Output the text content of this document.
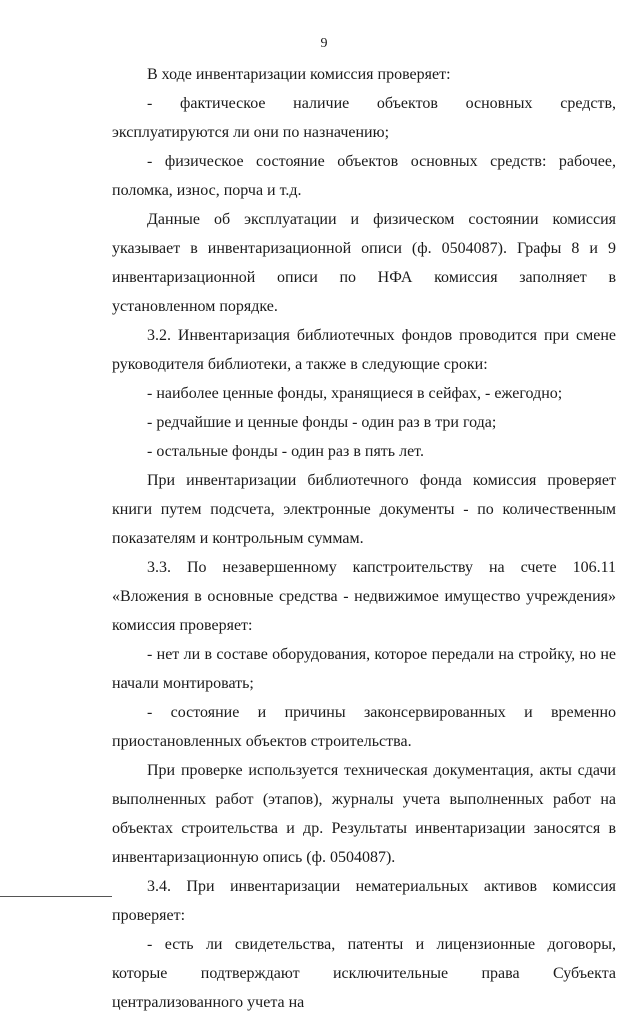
9

В ходе инвентаризации комиссия проверяет:

- фактическое наличие объектов основных средств, эксплуатируются ли они по назначению;

- физическое состояние объектов основных средств: рабочее, поломка, износ, порча и т.д.

Данные об эксплуатации и физическом состоянии комиссия указывает в инвентаризационной описи (ф. 0504087). Графы 8 и 9 инвентаризационной описи по НФА комиссия заполняет в установленном порядке.

3.2. Инвентаризация библиотечных фондов проводится при смене руководителя библиотеки, а также в следующие сроки:

- наиболее ценные фонды, хранящиеся в сейфах, - ежегодно;

- редчайшие и ценные фонды - один раз в три года;

- остальные фонды - один раз в пять лет.

При инвентаризации библиотечного фонда комиссия проверяет книги путем подсчета, электронные документы - по количественным показателям и контрольным суммам.

3.3. По незавершенному капстроительству на счете 106.11 «Вложения в основные средства - недвижимое имущество учреждения» комиссия проверяет:

- нет ли в составе оборудования, которое передали на стройку, но не начали монтировать;

- состояние и причины законсервированных и временно приостановленных объектов строительства.

При проверке используется техническая документация, акты сдачи выполненных работ (этапов), журналы учета выполненных работ на объектах строительства и др. Результаты инвентаризации заносятся в инвентаризационную опись (ф. 0504087).

3.4. При инвентаризации нематериальных активов комиссия проверяет:

- есть ли свидетельства, патенты и лицензионные договоры, которые подтверждают исключительные права Субъекта централизованного учета на
